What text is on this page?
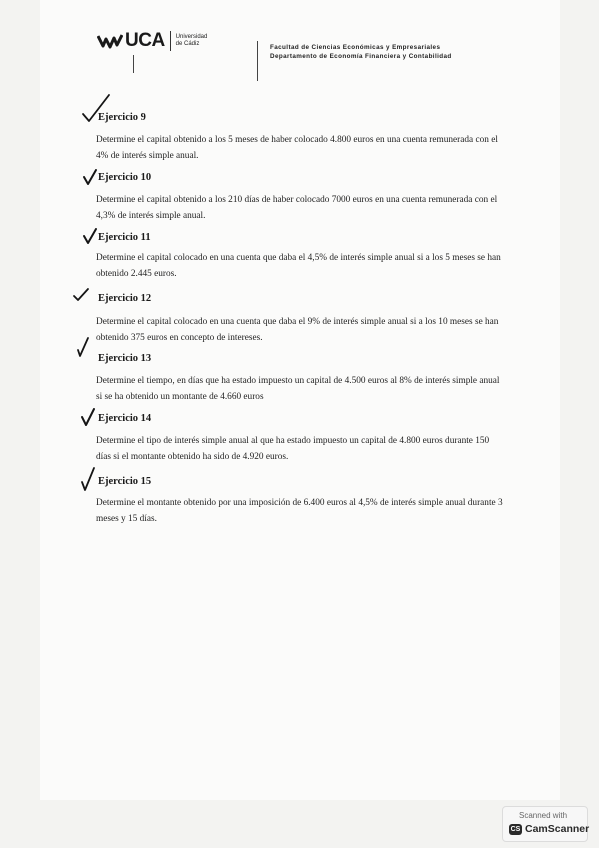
UCA Universidad
de Cádiz	Facultad de Ciencias Económicas y Empresariales
Departamento de Economía Financiera y Contabilidad
Ejercicio 9
Determine el capital obtenido a los 5 meses de haber colocado 4.800 euros en una cuenta remunerada con el 4% de interés simple anual.
Ejercicio 10
Determine el capital obtenido a los 210 días de haber colocado 7000 euros en una cuenta remunerada con el 4,3% de interés simple anual.
Ejercicio 11
Determine el capital colocado en una cuenta que daba el 4,5% de interés simple anual si a los 5 meses se han obtenido 2.445 euros.
Ejercicio 12
Determine el capital colocado en una cuenta que daba el 9% de interés simple anual si a los 10 meses se han obtenido 375 euros en concepto de intereses.
Ejercicio 13
Determine el tiempo, en días que ha estado impuesto un capital de 4.500 euros al 8% de interés simple anual si se ha obtenido un montante de 4.660 euros
Ejercicio 14
Determine el tipo de interés simple anual al que ha estado impuesto un capital de 4.800 euros durante 150 días si el montante obtenido ha sido de 4.920 euros.
Ejercicio 15
Determine el montante obtenido por una imposición de 6.400 euros al 4,5% de interés simple anual durante 3 meses y 15 días.
Scanned with
CS CamScanner
